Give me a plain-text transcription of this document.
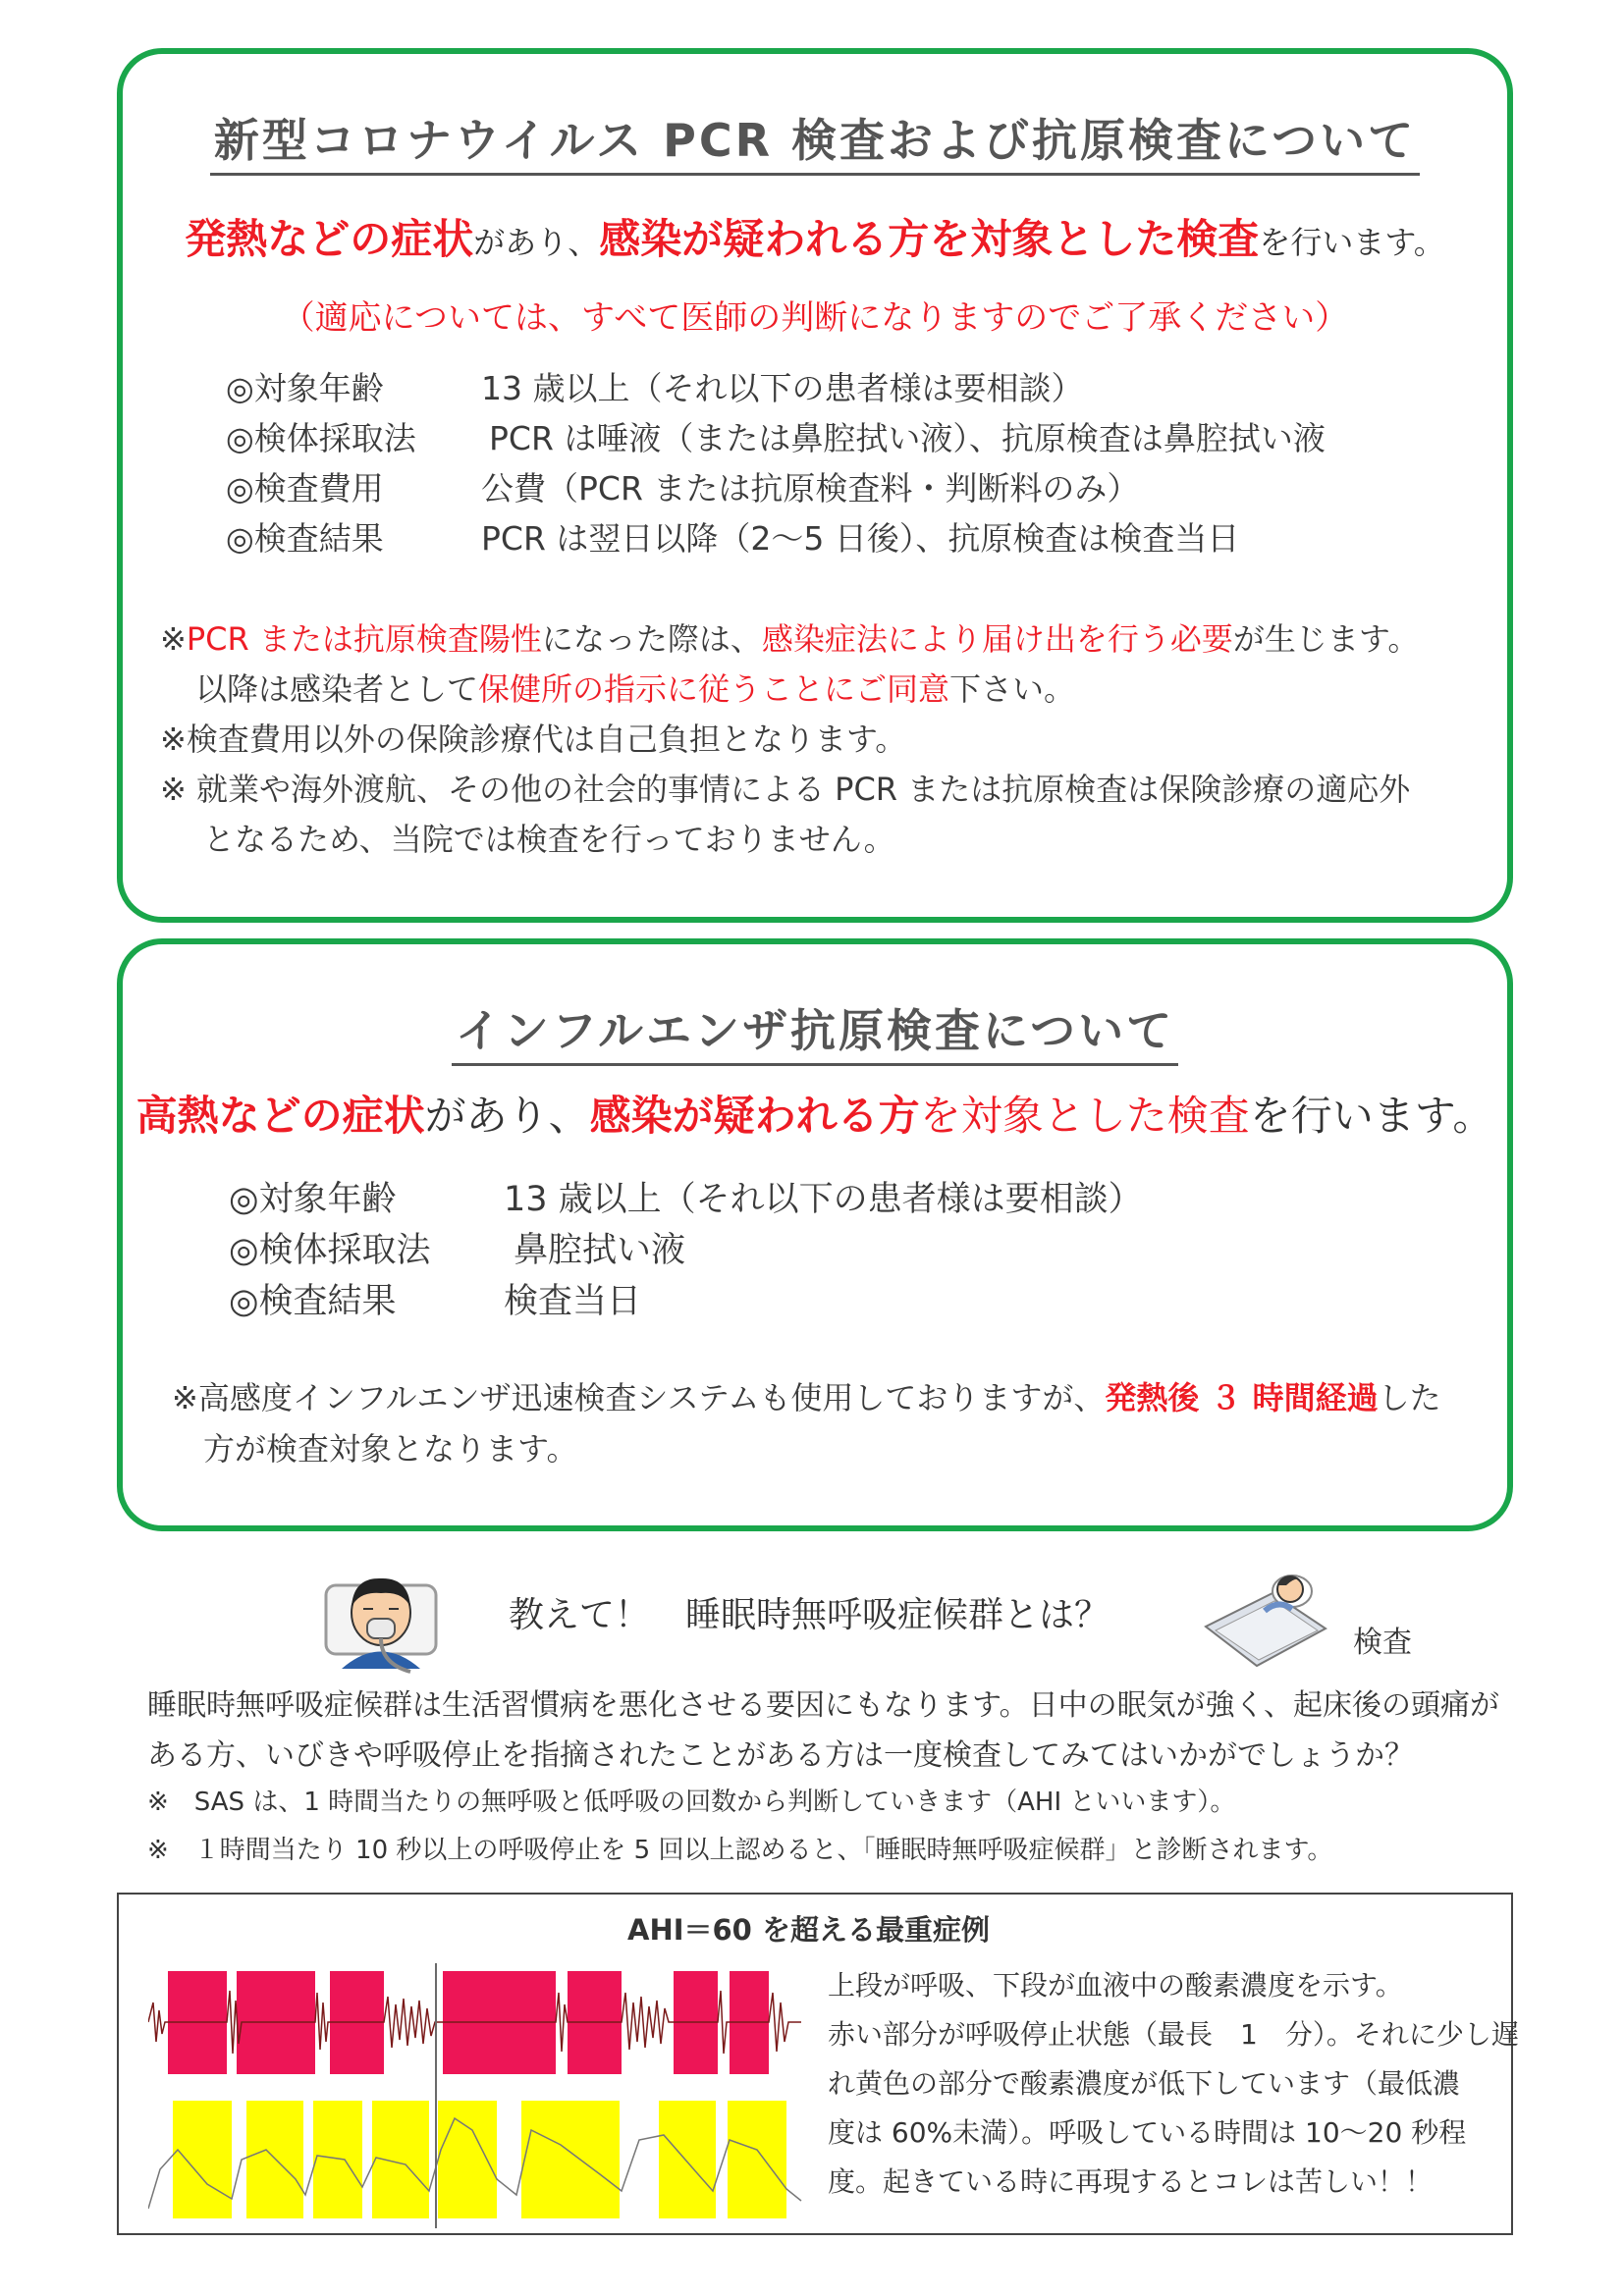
新型コロナウイルス PCR 検査および抗原検査について
発熱などの症状があり、感染が疑われる方を対象とした検査を行います。
（適応については、すべて医師の判断になりますのでご了承ください）
◎対象年齢	13 歳以上（それ以下の患者様は要相談）
◎検体採取法 PCR は唾液（または鼻腔拭い液）、抗原検査は鼻腔拭い液
◎検査費用	公費（PCR または抗原検査料・判断料のみ）
◎検査結果	PCR は翌日以降（2～5 日後）、抗原検査は検査当日
※PCR または抗原検査陽性になった際は、感染症法により届け出を行う必要が生じます。
以降は感染者として保健所の指示に従うことにご同意下さい。
※検査費用以外の保険診療代は自己負担となります。
※ 就業や海外渡航、その他の社会的事情による PCR または抗原検査は保険診療の適応外
となるため、当院では検査を行っておりません。
インフルエンザ抗原検査について
高熱などの症状があり、感染が疑われる方を対象とした検査を行います。
◎対象年齢	13 歳以上（それ以下の患者様は要相談）
◎検体採取法 鼻腔拭い液
◎検査結果	検査当日
※高感度インフルエンザ迅速検査システムも使用しておりますが、発熱後 ３ 時間経過した
方が検査対象となります。
教えて！　睡眠時無呼吸症候群とは？
検査
睡眠時無呼吸症候群は生活習慣病を悪化させる要因にもなります。日中の眠気が強く、起床後の頭痛が
ある方、いびきや呼吸停止を指摘されたことがある方は一度検査してみてはいかがでしょうか？
※　SAS は、1 時間当たりの無呼吸と低呼吸の回数から判断していきます（AHI といいます）。
※　１時間当たり 10 秒以上の呼吸停止を 5 回以上認めると、「睡眠時無呼吸症候群」と診断されます。
AHI＝60 を超える最重症例
上段が呼吸、下段が血液中の酸素濃度を示す。
赤い部分が呼吸停止状態（最長　1　分）。それに少し遅
れ黄色の部分で酸素濃度が低下しています（最低濃
度は 60%未満）。呼吸している時間は 10～20 秒程
度。起きている時に再現するとコレは苦しい！！
